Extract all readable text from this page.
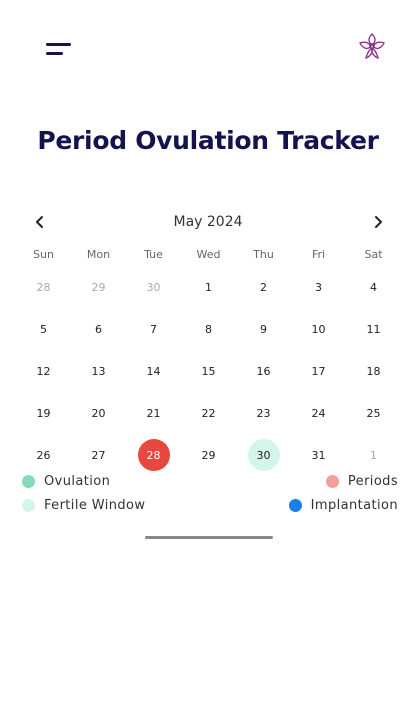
Period Ovulation Tracker
May 2024
Sun	Mon	Tue	Wed	Thu	Fri	Sat
28	29	30	1	2	3	4
5	6	7	8	9	10	11
12	13	14	15	16	17	18
19	20	21	22	23	24	25
26	27	28	29	30	31	1
Ovulation	Periods
Fertile Window	Implantation
